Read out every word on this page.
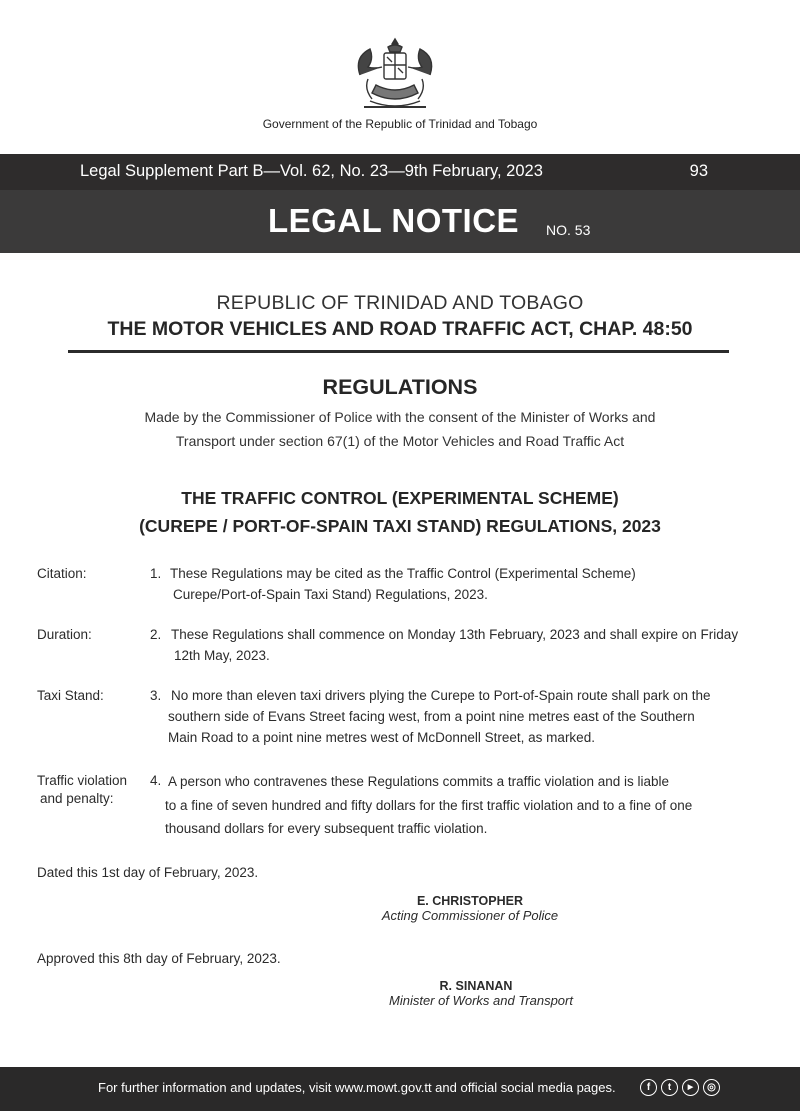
Government of the Republic of Trinidad and Tobago
Legal Supplement Part B—Vol. 62, No. 23—9th February, 2023	93
LEGAL NOTICE NO. 53
REPUBLIC OF TRINIDAD AND TOBAGO
THE MOTOR VEHICLES AND ROAD TRAFFIC ACT, CHAP. 48:50
REGULATIONS
Made by the Commissioner of Police with the consent of the Minister of Works and
Transport under section 67(1) of the Motor Vehicles and Road Traffic Act
THE TRAFFIC CONTROL (EXPERIMENTAL SCHEME)
(CUREPE / PORT-OF-SPAIN TAXI STAND) REGULATIONS, 2023
Citation:	1. These Regulations may be cited as the Traffic Control (Experimental Scheme)
Curepe/Port-of-Spain Taxi Stand) Regulations, 2023.
Duration:	2. These Regulations shall commence on Monday 13th February, 2023 and shall expire on Friday
12th May, 2023.
Taxi Stand:	3. No more than eleven taxi drivers plying the Curepe to Port-of-Spain route shall park on the
southern side of Evans Street facing west, from a point nine metres east of the Southern
Main Road to a point nine metres west of McDonnell Street, as marked.
Traffic violation
and penalty:
4. A person who contravenes these Regulations commits a traffic violation and is liable
to a fine of seven hundred and fifty dollars for the first traffic violation and to a fine of one
thousand dollars for every subsequent traffic violation.
Dated this 1st day of February, 2023.
E. CHRISTOPHER
Acting Commissioner of Police
Approved this 8th day of February, 2023.
R. SINANAN
Minister of Works and Transport
For further information and updates, visit www.mowt.gov.tt and official social media pages.	f	t	▶	◎
